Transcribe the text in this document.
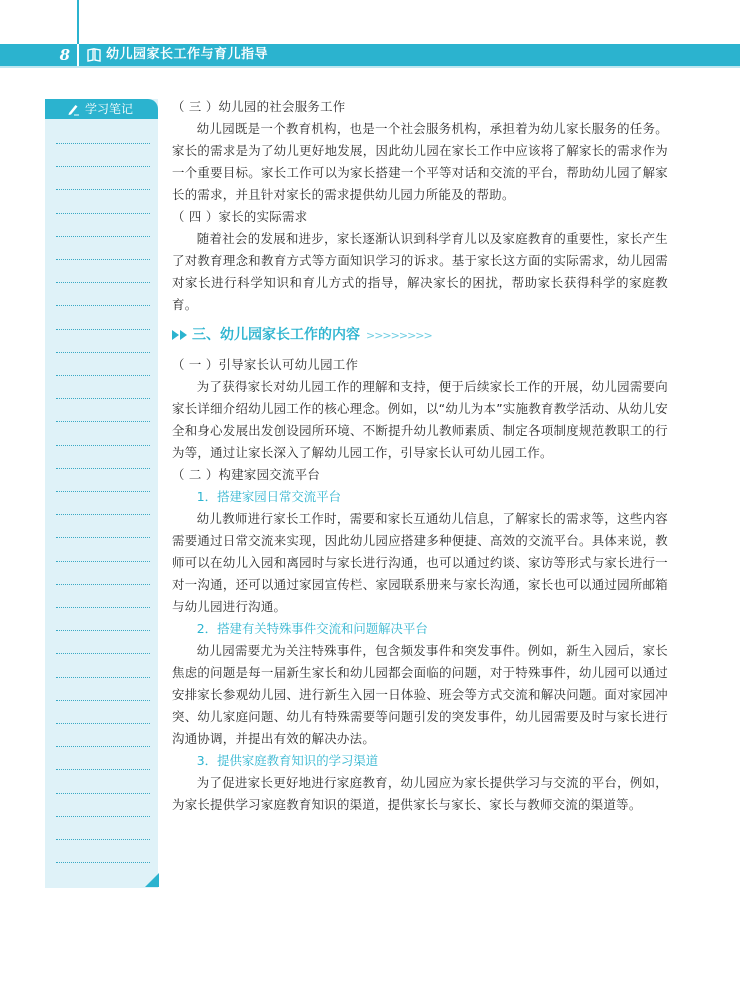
8	幼儿园家长工作与育儿指导
学习笔记	（ 三 ）幼儿园的社会服务工作

幼儿园既是一个教育机构，也是一个社会服务机构，承担着为幼儿家长服务的任务。家长的需求是为了幼儿更好地发展，因此幼儿园在家长工作中应该将了解家长的需求作为一个重要目标。家长工作可以为家长搭建一个平等对话和交流的平台，帮助幼儿园了解家长的需求，并且针对家长的需求提供幼儿园力所能及的帮助。

（ 四 ）家长的实际需求

随着社会的发展和进步，家长逐渐认识到科学育儿以及家庭教育的重要性，家长产生了对教育理念和教育方式等方面知识学习的诉求。基于家长这方面的实际需求，幼儿园需对家长进行科学知识和育儿方式的指导，解决家长的困扰，帮助家长获得科学的家庭教育。

三、幼儿园家长工作的内容 >>>>>>>>

（ 一 ）引导家长认可幼儿园工作

为了获得家长对幼儿园工作的理解和支持，便于后续家长工作的开展，幼儿园需要向家长详细介绍幼儿园工作的核心理念。例如，以“幼儿为本”实施教育教学活动、从幼儿安全和身心发展出发创设园所环境、不断提升幼儿教师素质、制定各项制度规范教职工的行为等，通过让家长深入了解幼儿园工作，引导家长认可幼儿园工作。

（ 二 ）构建家园交流平台

1．搭建家园日常交流平台

幼儿教师进行家长工作时，需要和家长互通幼儿信息，了解家长的需求等，这些内容需要通过日常交流来实现，因此幼儿园应搭建多种便捷、高效的交流平台。具体来说，教师可以在幼儿入园和离园时与家长进行沟通，也可以通过约谈、家访等形式与家长进行一对一沟通，还可以通过家园宣传栏、家园联系册来与家长沟通，家长也可以通过园所邮箱与幼儿园进行沟通。

2．搭建有关特殊事件交流和问题解决平台

幼儿园需要尤为关注特殊事件，包含频发事件和突发事件。例如，新生入园后，家长焦虑的问题是每一届新生家长和幼儿园都会面临的问题，对于特殊事件，幼儿园可以通过安排家长参观幼儿园、进行新生入园一日体验、班会等方式交流和解决问题。面对家园冲突、幼儿家庭问题、幼儿有特殊需要等问题引发的突发事件，幼儿园需要及时与家长进行沟通协调，并提出有效的解决办法。

3．提供家庭教育知识的学习渠道

为了促进家长更好地进行家庭教育，幼儿园应为家长提供学习与交流的平台，例如，为家长提供学习家庭教育知识的渠道，提供家长与家长、家长与教师交流的渠道等。
